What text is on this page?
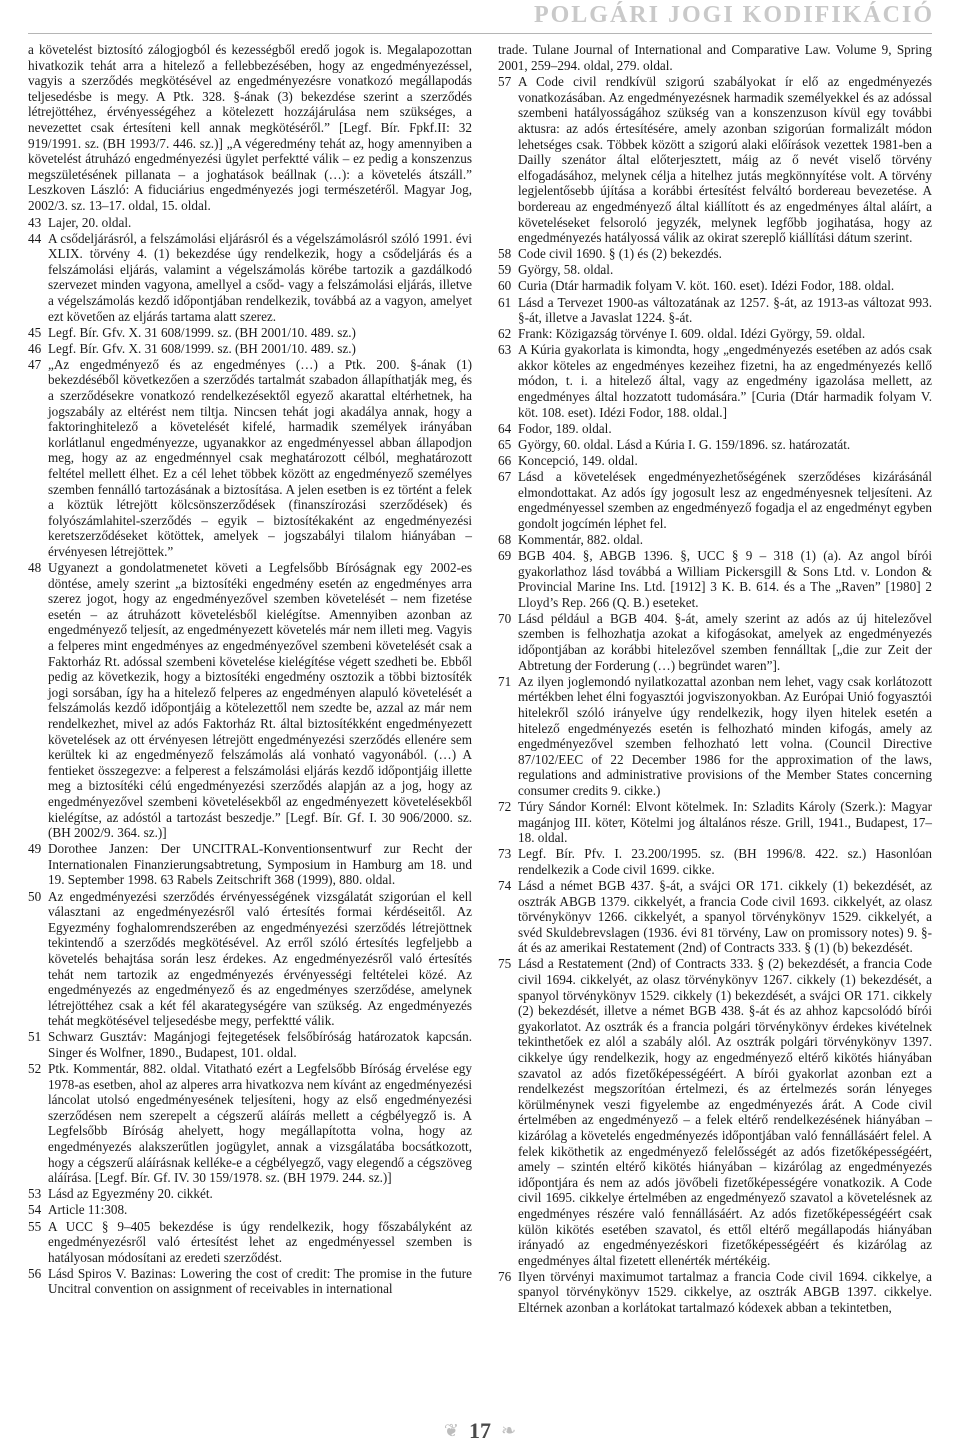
POLGÁRI JOGI KODIFIKÁCIÓ
a követelést biztosító zálogjogból és kezességből eredő jogok is. Megalapozottan hivatkozik tehát arra a hitelező a fellebbezésében, hogy az engedményezéssel, vagyis a szerződés megkötésével az engedményezésre vonatkozó megállapodás teljesedésbe is megy. A Ptk. 328. §-ának (3) bekezdése szerint a szerződés létrejöttéhez, érvényességéhez a kötelezett hozzájárulása nem szükséges, a nevezettet csak értesíteni kell annak megkötéséről.” [Legf. Bír. Fpkf.II: 32 919/1991. sz. (BH 1993/7. 446. sz.)] „A végeredmény tehát az, hogy amennyiben a követelést átruházó engedményezési ügylet perfektté válik – ez pedig a konszenzus megszületésének pillanata – a joghatások beállnak (…): a követelés átszáll.” Leszkoven László: A fiduciárius engedményezés jogi természetéről. Magyar Jog, 2002/3. sz. 13–17. oldal, 15. oldal.
43 Lajer, 20. oldal.
44 A csődeljárásról, a felszámolási eljárásról és a végelszámolásról szóló 1991. évi XLIX. törvény 4. (1) bekezdése úgy rendelkezik, hogy a csődeljárás és a felszámolási eljárás, valamint a végelszámolás körébe tartozik a gazdálkodó szervezet minden vagyona, amellyel a csőd- vagy a felszámolási eljárás, illetve a végelszámolás kezdő időpontjában rendelkezik, továbbá az a vagyon, amelyet ezt követően az eljárás tartama alatt szerez.
45 Legf. Bír. Gfv. X. 31 608/1999. sz. (BH 2001/10. 489. sz.)
46 Legf. Bír. Gfv. X. 31 608/1999. sz. (BH 2001/10. 489. sz.)
47 „Az engedményező és az engedményes (…) a Ptk. 200. §-ának (1) bekezdéséből következően a szerződés tartalmát szabadon állapíthatják meg, és a szerződésekre vonatkozó rendelkezésektől egyező akarattal eltérhetnek, ha jogszabály az eltérést nem tiltja. Nincsen tehát jogi akadálya annak, hogy a faktoringhitelező a követelését kifelé, harmadik személyek irányában korlátlanul engedményezze, ugyanakkor az engedményessel abban állapodjon meg, hogy az az engedménnyel csak meghatározott célból, meghatározott feltétel mellett élhet. Ez a cél lehet többek között az engedményező személyes szemben fennálló tartozásának a biztosítása. A jelen esetben is ez történt a felek a köztük létrejött kölcsönszerződések (finanszírozási szerződések) és folyószámlahitel-szerződés – egyik – biztosítékaként az engedményezési keretszerződéseket kötöttek, amelyek – jogszabályi tilalom hiányában – érvényesen létrejöttek.”
48 Ugyanezt a gondolatmenetet követi a Legfelsőbb Bíróságnak egy 2002-es döntése, amely szerint „a biztosítéki engedmény esetén az engedményes arra szerez jogot, hogy az engedményezővel szemben követelését – nem fizetése esetén – az átruházott követelésből kielégítse. Amennyiben azonban az engedményező teljesít, az engedményezett követelés már nem illeti meg. Vagyis a felperes mint engedményes az engedményezővel szembeni követelését csak a Faktorház Rt. adóssal szembeni követelése kielégítése végett szedheti be. Ebből pedig az következik, hogy a biztosítéki engedmény osztozik a többi biztosíték jogi sorsában, így ha a hitelező felperes az engedményen alapuló követelését a felszámolás kezdő időpontjáig a kötelezettől nem szedte be, azzal az már nem rendelkezhet, mivel az adós Faktorház Rt. által biztosítékként engedményezett követelések az ott érvényesen létrejött engedményezési szerződés ellenére sem kerültek ki az engedményező felszámolás alá vonható vagyonából. (…) A fentieket összegezve: a felperest a felszámolási eljárás kezdő időpontjáig illette meg a biztosítéki célú engedményezési szerződés alapján az a jog, hogy az engedményezővel szembeni követelésekből az engedményezett követelésekből kielégítse, az adóstól a tartozást beszedje.” [Legf. Bír. Gf. I. 30 906/2000. sz. (BH 2002/9. 364. sz.)]
49 Dorothee Janzen: Der UNCITRAL-Konventionsentwurf zur Recht der Internationalen Finanzierungsabtretung, Symposium in Hamburg am 18. und 19. September 1998. 63 Rabels Zeitschrift 368 (1999), 880. oldal.
50 Az engedményezési szerződés érvényességének vizsgálatát szigorúan el kell választani az engedményezésről való értesítés formai kérdéseitől. Az Egyezmény foghalomrendszerében az engedményezési szerződés létrejöttnek tekintendő a szerződés megkötésével. Az erről szóló értesítés legfeljebb a követelés behajtása során lesz érdekes. Az engedményezésről való értesítés tehát nem tartozik az engedményezés érvényességi feltételei közé. Az engedményezés az engedményező és az engedményes szerződése, amelynek létrejöttéhez csak a két fél akarategységére van szükség. Az engedményezés tehát megkötésével teljesedésbe megy, perfektté válik.
51 Schwarz Gusztáv: Magánjogi fejtegetések felsőbíróság határozatok kapcsán. Singer és Wolfner, 1890., Budapest, 101. oldal.
52 Ptk. Kommentár, 882. oldal. Vitatható ezért a Legfelsőbb Bíróság érvelése egy 1978-as esetben, ahol az alperes arra hivatkozva nem kívánt az engedményezési láncolat utolsó engedményesének teljesíteni, hogy az első engedményezési szerződésen nem szerepelt a cégszerű aláírás mellett a cégbélyegző is. A Legfelsőbb Bíróság ahelyett, hogy megállapította volna, hogy az engedményezés alakszerűtlen jogügylet, annak a vizsgálatába bocsátkozott, hogy a cégszerű aláírásnak kelléke-e a cégbélyegző, vagy elegendő a cégszöveg aláírása. [Legf. Bír. Gf. IV. 30 159/1978. sz. (BH 1979. 244. sz.)]
53 Lásd az Egyezmény 20. cikkét.
54 Article 11:308.
55 A UCC § 9–405 bekezdése is úgy rendelkezik, hogy főszabályként az engedményezésről való értesítést lehet az engedményessel szemben is hatályosan módosítani az eredeti szerződést.
56 Lásd Spiros V. Bazinas: Lowering the cost of credit: The promise in the future Uncitral convention on assignment of receivables in international
trade. Tulane Journal of International and Comparative Law. Volume 9, Spring 2001, 259–294. oldal, 279. oldal.
57 A Code civil rendkívül szigorú szabályokat ír elő az engedményezés vonatkozásában. Az engedményezésnek harmadik személyekkel és az adóssal szembeni hatályosságához szükség van a konszenzuson kívül egy további aktusra: az adós értesítésére, amely azonban szigorúan formalizált módon lehetséges csak. Többek között a szigorú alaki előírások vezettek 1981-ben a Dailly szenátor által előterjesztett, máig az ő nevét viselő törvény elfogadásához, melynek célja a hitelhez jutás megkönnyítése volt. A törvény legjelentősebb újítása a korábbi értesítést felváltó bordereau bevezetése. A bordereau az engedményező által kiállított és az engedményes által aláírt, a követeléseket felsoroló jegyzék, melynek legfőbb jogihatása, hogy az engedményezés hatályossá válik az okirat szereplő kiállítási dátum szerint.
58 Code civil 1690. § (1) és (2) bekezdés.
59 György, 58. oldal.
60 Curia (Dtár harmadik folyam V. köt. 160. eset). Idézi Fodor, 188. oldal.
61 Lásd a Tervezet 1900-as változatának az 1257. §-át, az 1913-as változat 993. §-át, illetve a Javaslat 1224. §-át.
62 Frank: Közigazság törvénye I. 609. oldal. Idézi György, 59. oldal.
63 A Kúria gyakorlata is kimondta, hogy „engedményezés esetében az adós csak akkor köteles az engedményes kezeihez fizetni, ha az engedményezés kellő módon, t. i. a hitelező által, vagy az engedmény igazolása mellett, az engedményes által hozzatott tudomására.” [Curia (Dtár harmadik folyam V. köt. 108. eset). Idézi Fodor, 188. oldal.]
64 Fodor, 189. oldal.
65 György, 60. oldal. Lásd a Kúria I. G. 159/1896. sz. határozatát.
66 Koncepció, 149. oldal.
67 Lásd a követelések engedményezhetőségének szerződéses kizárásánál elmondottakat. Az adós így jogosult lesz az engedményesnek teljesíteni. Az engedményessel szemben az engedményező fogadja el az engedményt egyben gondolt jogcímén léphet fel.
68 Kommentár, 882. oldal.
69 BGB 404. §, ABGB 1396. §, UCC § 9 – 318 (1) (a). Az angol bírói gyakorlathoz lásd továbbá a William Pickersgill & Sons Ltd. v. London & Provincial Marine Ins. Ltd. [1912] 3 K. B. 614. és a The „Raven” [1980] 2 Lloyd’s Rep. 266 (Q. B.) eseteket.
70 Lásd például a BGB 404. §-át, amely szerint az adós az új hitelezővel szemben is felhozhatja azokat a kifogásokat, amelyek az engedményezés időpontjában az korábbi hitelezővel szemben fennálltak [„die zur Zeit der Abtretung der Forderung (…) begründet waren”].
71 Az ilyen joglemondó nyilatkozattal azonban nem lehet, vagy csak korlátozott mértékben lehet élni fogyasztói jogviszonyokban. Az Európai Unió fogyasztói hitelekről szóló irányelve úgy rendelkezik, hogy ilyen hitelek esetén a hitelező engedményezés esetén is felhozható minden kifogás, amely az engedményezővel szemben felhozható lett volna. (Council Directive 87/102/EEC of 22 December 1986 for the approximation of the laws, regulations and administrative provisions of the Member States concerning consumer credits 9. cikke.)
72 Túry Sándor Kornél: Elvont kötelmek. In: Szladits Károly (Szerk.): Magyar magánjog III. köteт, Kötelmi jog általános része. Grill, 1941., Budapest, 17–18. oldal.
73 Legf. Bír. Pfv. I. 23.200/1995. sz. (BH 1996/8. 422. sz.) Hasonlóan rendelkezik a Code civil 1699. cikke.
74 Lásd a német BGB 437. §-át, a svájci OR 171. cikkely (1) bekezdését, az osztrák ABGB 1379. cikkelyét, a francia Code civil 1693. cikkelyét, az olasz törvénykönyv 1266. cikkelyét, a spanyol törvénykönyv 1529. cikkelyét, a svéd Skuldebrevslagen (1936. évi 81 törvény, Law on promissory notes) 9. §-át és az amerikai Restatement (2nd) of Contracts 333. § (1) (b) bekezdését.
75 Lásd a Restatement (2nd) of Contracts 333. § (2) bekezdését, a francia Code civil 1694. cikkelyét, az olasz törvénykönyv 1267. cikkely (1) bekezdését, a spanyol törvénykönyv 1529. cikkely (1) bekezdését, a svájci OR 171. cikkely (2) bekezdését, illetve a német BGB 438. §-át és az ahhoz kapcsolódó bírói gyakorlatot. Az osztrák és a francia polgári törvénykönyv érdekes kivételnek tekinthetőek ez alól a szabály alól. Az osztrák polgári törvénykönyv 1397. cikkelye úgy rendelkezik, hogy az engedményező eltérő kikötés hiányában szavatol az adós fizetőképességéért. A bírói gyakorlat azonban ezt a rendelkezést megszorítóan értelmezi, és az értelmezés során lényeges körülménynek veszi figyelembe az engedményezés árát. A Code civil értelmében az engedményező – a felek eltérő rendelkezésének hiányában – kizárólag a követelés engedményezés időpontjában való fennállásáért felel. A felek kiköthetik az engedményező felelősségét az adós fizetőképességéért, amely – szintén eltérő kikötés hiányában – kizárólag az engedményezés időpontjára és nem az adós jövőbeli fizetőképességére vonatkozik. A Code civil 1695. cikkelye értelmében az engedményező szavatol a követelésnek az engedményes részére való fennállásáért. Az adós fizetőképességéért csak külön kikötés esetében szavatol, és ettől eltérő megállapodás hiányában irányadó az engedményezéskori fizetőképességéért és kizárólag az engedményes által fizetett ellenérték mértékéig.
76 Ilyen törvényi maximumot tartalmaz a francia Code civil 1694. cikkelye, a spanyol törvénykönyv 1529. cikkelye, az osztrák ABGB 1397. cikkelye. Eltérnek azonban a korlátokat tartalmazó kódexek abban a tekintetben,
❦ 17 ❧
